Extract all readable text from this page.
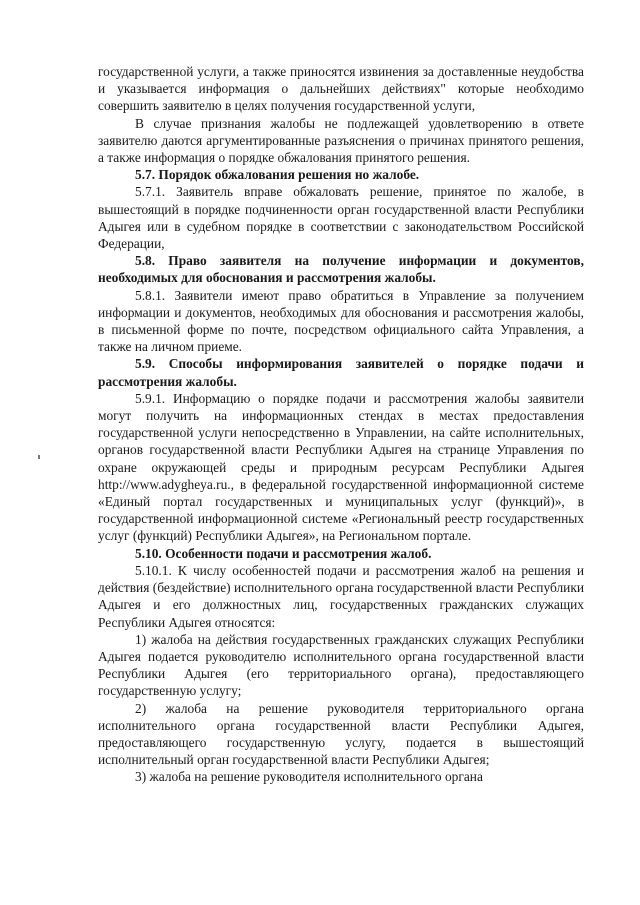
государственной услуги, а также приносятся извинения за доставленные неудобства и указывается информация о дальнейших действиях" которые необходимо совершить заявителю в целях получения государственной услуги,

В случае признания жалобы не подлежащей удовлетворению в ответе заявителю даются аргументированные разъяснения о причинах принятого решения, а также информация о порядке обжалования принятого решения.

5.7. Порядок обжалования решения но жалобе.

5.7.1. Заявитель вправе обжаловать решение, принятое по жалобе, в вышестоящий в порядке подчиненности орган государственной власти Республики Адыгея или в судебном порядке в соответствии с законодательством Российской Федерации,

5.8. Право заявителя на получение информации и документов, необходимых для обоснования и рассмотрения жалобы.

5.8.1. Заявители имеют право обратиться в Управление за получением информации и документов, необходимых для обоснования и рассмотрения жалобы, в письменной форме по почте, посредством официального сайта Управления, а также на личном приеме.

5.9. Способы информирования заявителей о порядке подачи и рассмотрения жалобы.

5.9.1. Информацию о порядке подачи и рассмотрения жалобы заявители могут получить на информационных стендах в местах предоставления государственной услуги непосредственно в Управлении, на сайте исполнительных, органов государственной власти Республики Адыгея на странице Управления по охране окружающей среды и природным ресурсам Республики Адыгея http://www.adygheya.ru., в федеральной государственной информационной системе «Единый портал государственных и муниципальных услуг (функций)», в государственной информационной системе «Региональный реестр государственных услуг (функций) Республики Адыгея», на Региональном портале.

5.10. Особенности подачи и рассмотрения жалоб.

5.10.1. К числу особенностей подачи и рассмотрения жалоб на решения и действия (бездействие) исполнительного органа государственной власти Республики Адыгея и его должностных лиц, государственных гражданских служащих Республики Адыгея относятся:

1) жалоба на действия государственных гражданских служащих Республики Адыгея подается руководителю исполнительного органа государственной власти Республики Адыгея (его территориального органа), предоставляющего государственную услугу;

2) жалоба на решение руководителя территориального органа исполнительного органа государственной власти Республики Адыгея, предоставляющего государственную услугу, подается в вышестоящий исполнительный орган государственной власти Республики Адыгея;

3) жалоба на решение руководителя исполнительного органа
